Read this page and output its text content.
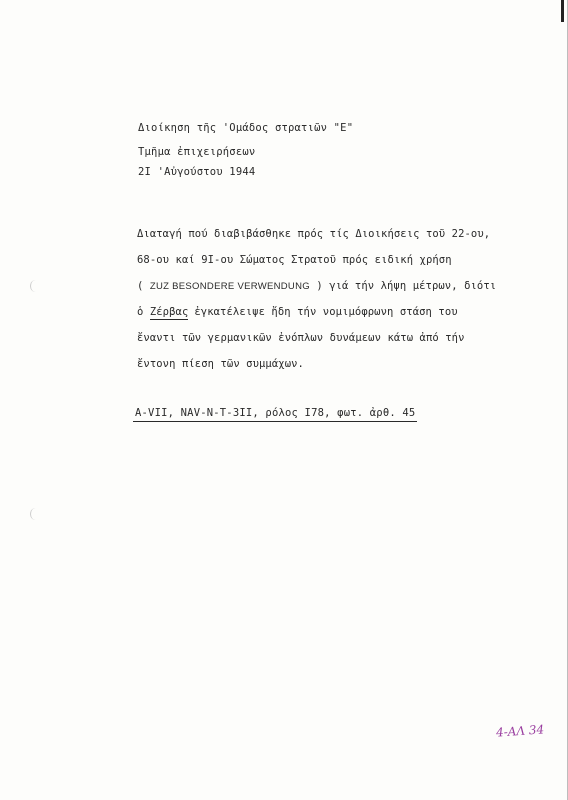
Διοίκηση τῆς 'Ομάδος στρατιῶν "Ε"
Τμῆμα ἐπιχειρήσεων
2Ι 'Αὐγούστου 1944
Διαταγή πού διαβιβάσθηκε πρός τίς Διοικήσεις τοῦ 22-ου,
68-ου καί 9Ι-ου Σώματος Στρατοῦ πρός ειδική χρήση
( ZUZ BESONDERE VERWENDUNG ) γιά τήν λήψη μέτρων, διότι
ὁ Ζέρβας ἐγκατέλειψε ἤδη τήν νομιμόφρωνη στάση του
ἔναντι τῶν γερμανικῶν ἐνόπλων δυνάμεων κάτω ἀπό τήν
ἔντονη πίεση τῶν συμμάχων.
A-VII, NAV-N-T-3II, ρόλος Ι78, φωτ. ἀρθ. 45
4-ΑΛ 34
